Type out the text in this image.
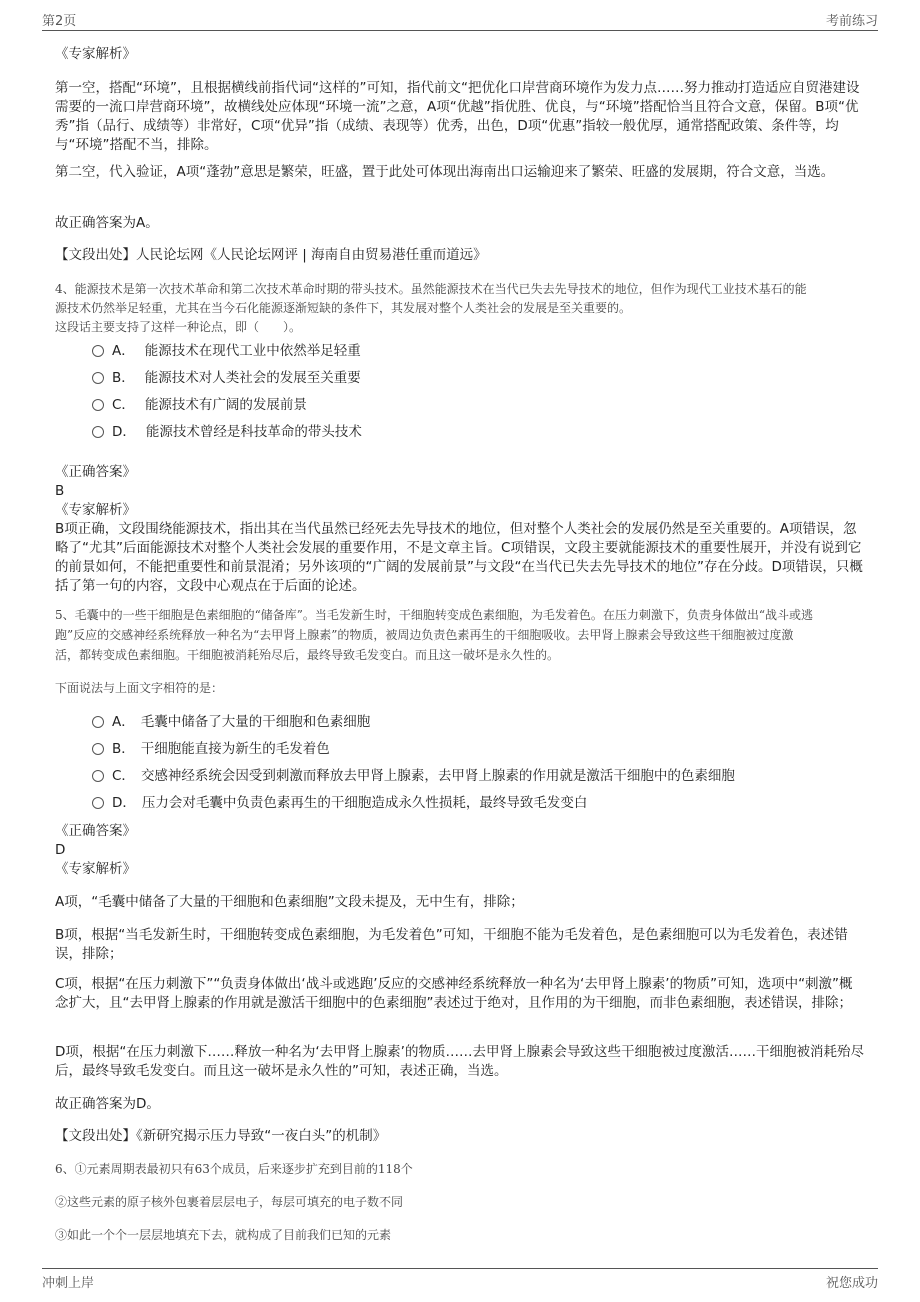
第2页	考前练习
《专家解析》
第一空，搭配“环境”，且根据横线前指代词“这样的”可知，指代前文“把优化口岸营商环境作为发力点……努力推动打造适应自贸港建设需要的一流口岸营商环境”，故横线处应体现“环境一流”之意，A项“优越”指优胜、优良，与“环境”搭配恰当且符合文意，保留。B项“优秀”指（品行、成绩等）非常好，C项“优异”指（成绩、表现等）优秀，出色，D项“优惠”指较一般优厚，通常搭配政策、条件等，均与“环境”搭配不当，排除。
第二空，代入验证，A项“蓬勃”意思是繁荣，旺盛，置于此处可体现出海南出口运输迎来了繁荣、旺盛的发展期，符合文意，当选。
故正确答案为A。
【文段出处】人民论坛网《人民论坛网评 | 海南自由贸易港任重而道远》
4、能源技术是第一次技术革命和第二次技术革命时期的带头技术。虽然能源技术在当代已失去先导技术的地位，但作为现代工业技术基石的能
源技术仍然举足轻重，尤其在当今石化能源逐渐短缺的条件下，其发展对整个人类社会的发展是至关重要的。
这段话主要支持了这样一种论点，即（　　）。
A． 能源技术在现代工业中依然举足轻重
B． 能源技术对人类社会的发展至关重要
C． 能源技术有广阔的发展前景
D． 能源技术曾经是科技革命的带头技术
《正确答案》
B
《专家解析》
B项正确，文段围绕能源技术，指出其在当代虽然已经死去先导技术的地位，但对整个人类社会的发展仍然是至关重要的。A项错误，忽略了“尤其”后面能源技术对整个人类社会发展的重要作用，不是文章主旨。C项错误，文段主要就能源技术的重要性展开，并没有说到它的前景如何，不能把重要性和前景混淆；另外该项的“广阔的发展前景”与文段“在当代已失去先导技术的地位”存在分歧。D项错误，只概括了第一句的内容，文段中心观点在于后面的论述。
5、毛囊中的一些干细胞是色素细胞的“储备库”。当毛发新生时，干细胞转变成色素细胞，为毛发着色。在压力刺激下，负责身体做出“战斗或逃
跑”反应的交感神经系统释放一种名为“去甲肾上腺素”的物质，被周边负责色素再生的干细胞吸收。去甲肾上腺素会导致这些干细胞被过度激
活，都转变成色素细胞。干细胞被消耗殆尽后，最终导致毛发变白。而且这一破坏是永久性的。
下面说法与上面文字相符的是：
A． 毛囊中储备了大量的干细胞和色素细胞
B． 干细胞能直接为新生的毛发着色
C． 交感神经系统会因受到刺激而释放去甲肾上腺素，去甲肾上腺素的作用就是激活干细胞中的色素细胞
D． 压力会对毛囊中负责色素再生的干细胞造成永久性损耗，最终导致毛发变白
《正确答案》
D
《专家解析》
A项，“毛囊中储备了大量的干细胞和色素细胞”文段未提及，无中生有，排除；
B项，根据“当毛发新生时，干细胞转变成色素细胞，为毛发着色”可知，干细胞不能为毛发着色，是色素细胞可以为毛发着色，表述错误，排除；
C项，根据“在压力刺激下”“负责身体做出‘战斗或逃跑’反应的交感神经系统释放一种名为‘去甲肾上腺素’的物质”可知，选项中“刺激”概念扩大，且“去甲肾上腺素的作用就是激活干细胞中的色素细胞”表述过于绝对，且作用的为干细胞，而非色素细胞，表述错误，排除；
D项，根据“在压力刺激下……释放一种名为‘去甲肾上腺素’的物质……去甲肾上腺素会导致这些干细胞被过度激活……干细胞被消耗殆尽后，最终导致毛发变白。而且这一破坏是永久性的”可知，表述正确，当选。
故正确答案为D。
【文段出处】《新研究揭示压力导致“一夜白头”的机制》
6、①元素周期表最初只有63个成员，后来逐步扩充到目前的118个
②这些元素的原子核外包裹着层层电子，每层可填充的电子数不同
③如此一个个一层层地填充下去，就构成了目前我们已知的元素
冲刺上岸	祝您成功
